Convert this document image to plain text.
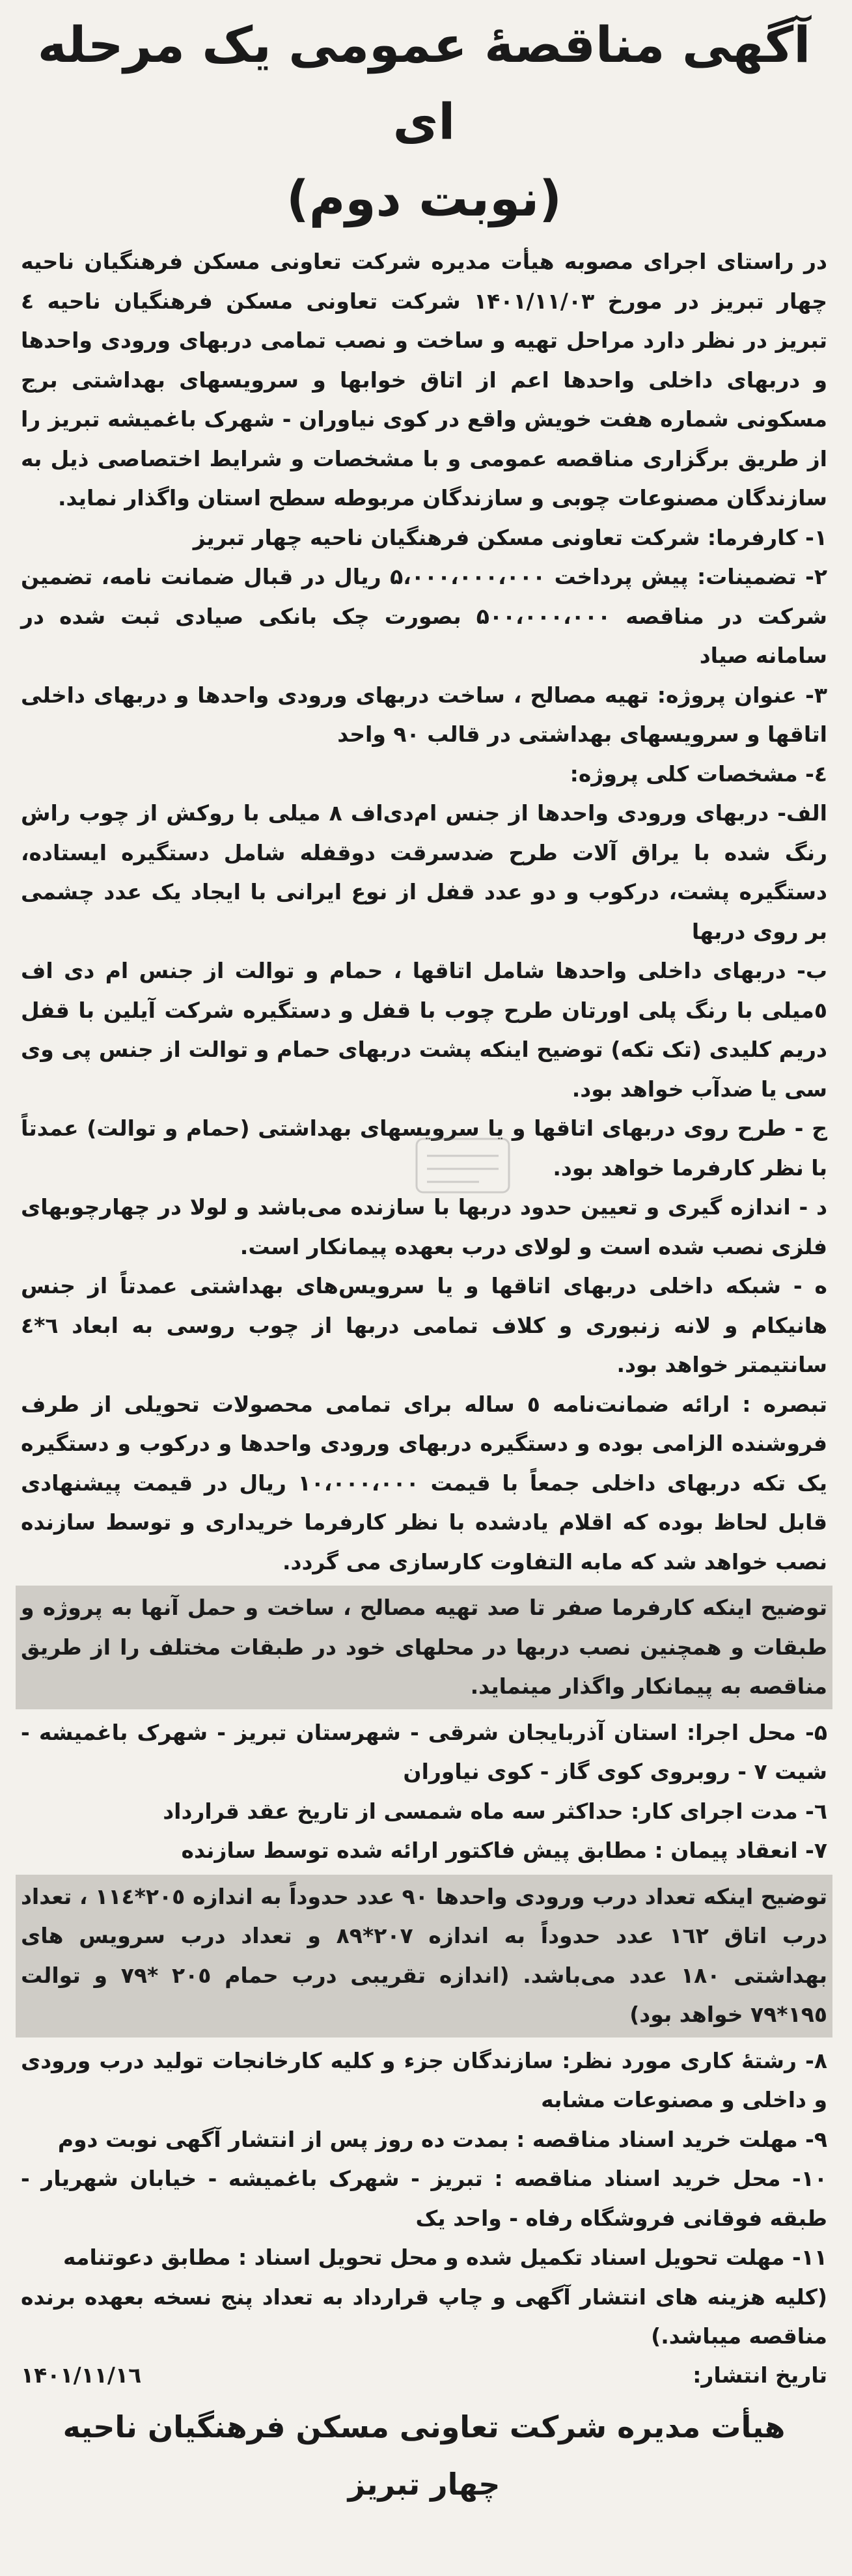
آگهی مناقصهٔ عمومی یک مرحله ای
(نوبت دوم)

در راستای اجرای مصوبه هیأت مدیره شرکت تعاونی مسکن فرهنگیان ناحیه چهار تبریز در مورخ ۱۴۰۱/۱۱/۰۳ شرکت تعاونی مسکن فرهنگیان ناحیه ٤ تبریز در نظر دارد مراحل تهیه و ساخت و نصب تمامی دربهای ورودی واحدها و دربهای داخلی واحدها اعم از اتاق خوابها و سرویسهای بهداشتی برج مسکونی شماره هفت خویش واقع در کوی نیاوران - شهرک باغمیشه تبریز را از طریق برگزاری مناقصه عمومی و با مشخصات و شرایط اختصاصی ذیل به سازندگان مصنوعات چوبی و سازندگان مربوطه سطح استان واگذار نماید.

۱- کارفرما: شرکت تعاونی مسکن فرهنگیان ناحیه چهار تبریز

۲- تضمینات: پیش پرداخت ۵،۰۰۰،۰۰۰،۰۰۰ ریال در قبال ضمانت نامه، تضمین شرکت در مناقصه ۵۰۰،۰۰۰،۰۰۰ بصورت چک بانکی صیادی ثبت شده در سامانه صیاد

۳- عنوان پروژه: تهیه مصالح ، ساخت دربهای ورودی واحدها و دربهای داخلی اتاقها و سرویسهای بهداشتی در قالب ۹۰ واحد

٤- مشخصات کلی پروژه:

الف- دربهای ورودی واحدها از جنس ام‌دی‌اف ۸ میلی با روکش از چوب راش رنگ شده با یراق آلات طرح ضدسرقت دوقفله شامل دستگیره ایستاده، دستگیره پشت، درکوب و دو عدد قفل از نوع ایرانی با ایجاد یک عدد چشمی بر روی دربها

ب- دربهای داخلی واحدها شامل اتاقها ، حمام و توالت از جنس ام دی اف ٥میلی با رنگ پلی اورتان طرح چوب با قفل و دستگیره شرکت آیلین با قفل دریم کلیدی (تک تکه) توضیح اینکه پشت دربهای حمام و توالت از جنس پی وی سی یا ضدآب خواهد بود.

ج - طرح روی دربهای اتاقها و یا سرویسهای بهداشتی (حمام و توالت) عمدتاً با نظر کارفرما خواهد بود.

د - اندازه گیری و تعیین حدود دربها با سازنده می‌باشد و لولا در چهارچوبهای فلزی نصب شده است و لولای درب بعهده پیمانکار است.

ه - شبکه داخلی دربهای اتاقها و یا سرویس‌های بهداشتی عمدتاً از جنس هانیکام و لانه زنبوری و کلاف تمامی دربها از چوب روسی به ابعاد ٦*٤ سانتیمتر خواهد بود.

تبصره : ارائه ضمانت‌نامه ٥ ساله برای تمامی محصولات تحویلی از طرف فروشنده الزامی بوده و دستگیره دربهای ورودی واحدها و درکوب و دستگیره یک تکه دربهای داخلی جمعاً با قیمت ۱۰،۰۰۰،۰۰۰ ریال در قیمت پیشنهادی قابل لحاظ بوده که اقلام یادشده با نظر کارفرما خریداری و توسط سازنده نصب خواهد شد که مابه التفاوت کارسازی می گردد.

توضیح اینکه کارفرما صفر تا صد تهیه مصالح ، ساخت و حمل آنها به پروژه و طبقات و همچنین نصب دربها در محلهای خود در طبقات مختلف را از طریق مناقصه به پیمانکار واگذار مینماید.

۵- محل اجرا: استان آذربایجان شرقی - شهرستان تبریز - شهرک باغمیشه - شیت ۷ - روبروی کوی گاز - کوی نیاوران

٦- مدت اجرای کار: حداکثر سه ماه شمسی از تاریخ عقد قرارداد

۷- انعقاد پیمان : مطابق پیش فاکتور ارائه شده توسط سازنده

توضیح اینکه تعداد درب ورودی واحدها ۹۰ عدد حدوداً به اندازه ۲۰٥*۱۱٤ ، تعداد درب اتاق ۱٦۲ عدد حدوداً به اندازه ۲۰۷*۸۹ و تعداد درب سرویس های بهداشتی ۱۸۰ عدد می‌باشد. (اندازه تقریبی درب حمام ۲۰٥ *۷۹ و توالت ۱۹٥*۷۹ خواهد بود)

۸- رشتهٔ کاری مورد نظر: سازندگان جزء و کلیه کارخانجات تولید درب ورودی و داخلی و مصنوعات مشابه

۹- مهلت خرید اسناد مناقصه : بمدت ده روز پس از انتشار آگهی نوبت دوم

۱۰- محل خرید اسناد مناقصه : تبریز - شهرک باغمیشه - خیابان شهریار - طبقه فوقانی فروشگاه رفاه - واحد یک

۱۱- مهلت تحویل اسناد تکمیل شده و محل تحویل اسناد : مطابق دعوتنامه

(کلیه هزینه های انتشار آگهی و چاپ قرارداد به تعداد پنج نسخه بعهده برنده مناقصه میباشد.)

تاریخ انتشار:
۱۴۰۱/۱۱/۱٦
هیأت مدیره شرکت تعاونی مسکن فرهنگیان ناحیه
چهار تبریز
